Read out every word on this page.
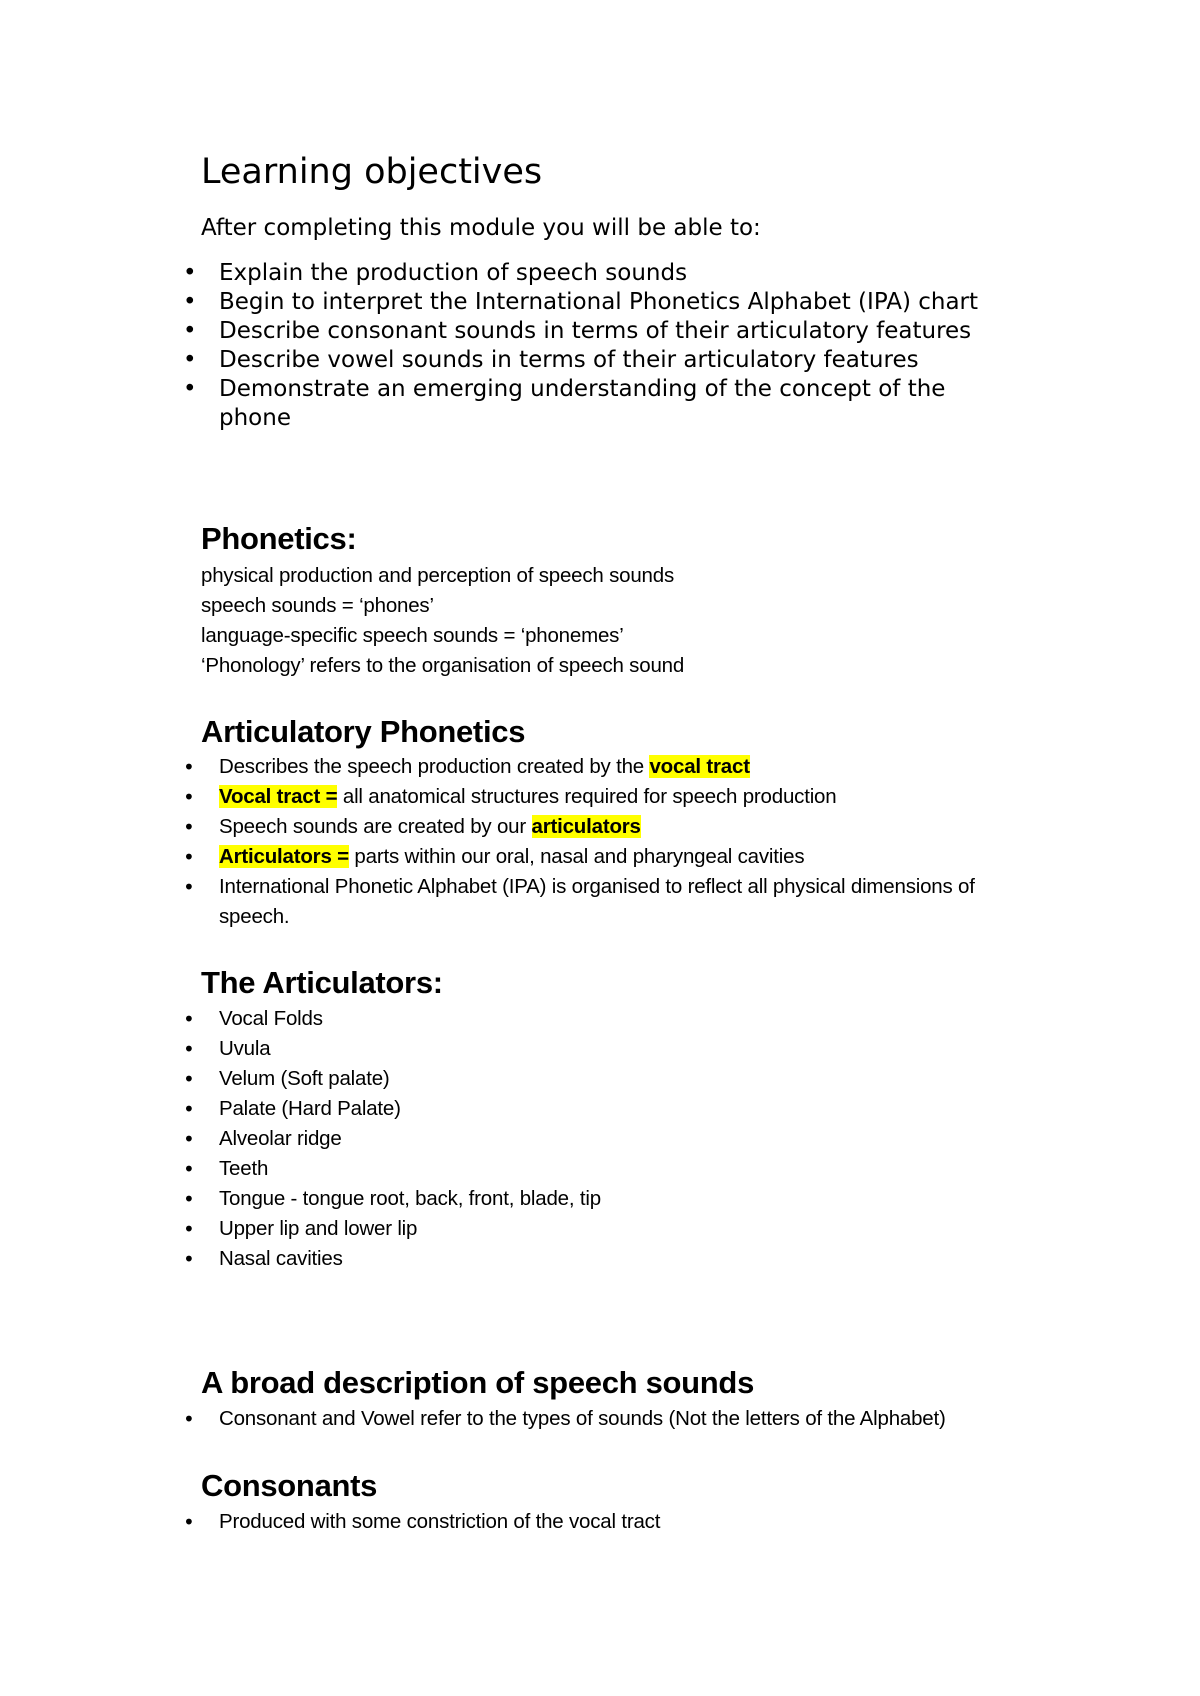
Learning objectives

After completing this module you will be able to:

• Explain the production of speech sounds
• Begin to interpret the International Phonetics Alphabet (IPA) chart
• Describe consonant sounds in terms of their articulatory features
• Describe vowel sounds in terms of their articulatory features
• Demonstrate an emerging understanding of the concept of the phone
Phonetics:
physical production and perception of speech sounds
speech sounds = ‘phones’
language-specific speech sounds = ‘phonemes’
‘Phonology’ refers to the organisation of speech sound
Articulatory Phonetics
• Describes the speech production created by the vocal tract
• Vocal tract = all anatomical structures required for speech production
• Speech sounds are created by our articulators
• Articulators = parts within our oral, nasal and pharyngeal cavities
• International Phonetic Alphabet (IPA) is organised to reflect all physical dimensions of speech.
The Articulators:
• Vocal Folds
• Uvula
• Velum (Soft palate)
• Palate (Hard Palate)
• Alveolar ridge
• Teeth
• Tongue - tongue root, back, front, blade, tip
• Upper lip and lower lip
• Nasal cavities
A broad description of speech sounds
• Consonant and Vowel refer to the types of sounds (Not the letters of the Alphabet)
Consonants
• Produced with some constriction of the vocal tract
